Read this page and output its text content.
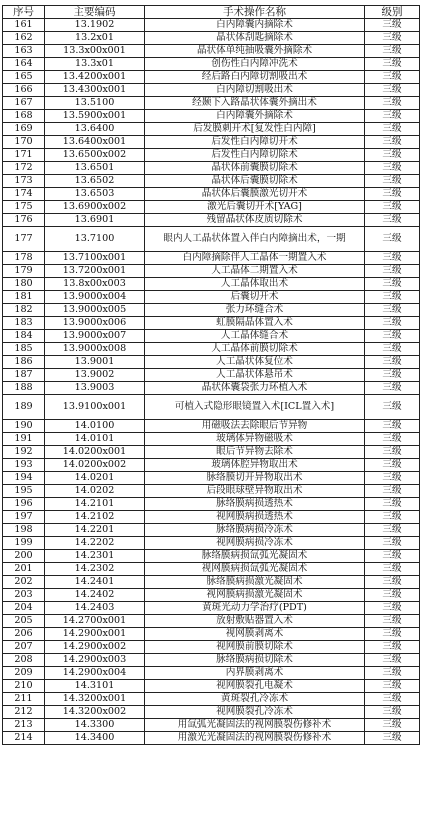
序号	主要编码	手术操作名称	级别
161	13.1902	白内障囊内摘除术	三级
162	13.2x01	晶状体刮匙摘除术	三级
163	13.3x00x001	晶状体单纯抽吸囊外摘除术	三级
164	13.3x01	创伤性白内障冲洗术	三级
165	13.4200x001	经后路白内障切割吸出术	三级
166	13.4300x001	白内障切割吸出术	三级
167	13.5100	经颞下入路晶状体囊外摘出术	三级
168	13.5900x001	白内障囊外摘除术	三级
169	13.6400	后发膜刺开术[复发性白内障]	三级
170	13.6400x001	后发性白内障切开术	三级
171	13.6500x002	后发性白内障切除术	三级
172	13.6501	晶状体前囊膜切除术	三级
173	13.6502	晶状体后囊膜切除术	三级
174	13.6503	晶状体后囊膜激光切开术	三级
175	13.6900x002	激光后囊切开术[YAG]	三级
176	13.6901	残留晶状体皮质切除术	三级
177	13.7100	眼内人工晶状体置入伴白内障摘出术，一期	三级
178	13.7100x001	白内障摘除伴人工晶体一期置入术	三级
179	13.7200x001	人工晶体二期置入术	三级
180	13.8x00x003	人工晶体取出术	三级
181	13.9000x004	后囊切开术	三级
182	13.9000x005	张力环缝合术	三级
183	13.9000x006	虹膜隔晶体置入术	三级
184	13.9000x007	人工晶体缝合术	三级
185	13.9000x008	人工晶体前膜切除术	三级
186	13.9001	人工晶状体复位术	三级
187	13.9002	人工晶状体悬吊术	三级
188	13.9003	晶状体囊袋张力环植入术	三级
189	13.9100x001	可植入式隐形眼镜置入术[ICL置入术]	三级
190	14.0100	用磁吸法去除眼后节异物	三级
191	14.0101	玻璃体异物磁吸术	三级
192	14.0200x001	眼后节异物去除术	三级
193	14.0200x002	玻璃体腔异物取出术	三级
194	14.0201	脉络膜切开异物取出术	三级
195	14.0202	后段眼球壁异物取出术	三级
196	14.2101	脉络膜病损透热术	三级
197	14.2102	视网膜病损透热术	三级
198	14.2201	脉络膜病损冷冻术	三级
199	14.2202	视网膜病损冷冻术	三级
200	14.2301	脉络膜病损氙弧光凝固术	三级
201	14.2302	视网膜病损氙弧光凝固术	三级
202	14.2401	脉络膜病损激光凝固术	三级
203	14.2402	视网膜病损激光凝固术	三级
204	14.2403	黄斑光动力学治疗(PDT)	三级
205	14.2700x001	放射敷贴器置入术	三级
206	14.2900x001	视网膜剥离术	三级
207	14.2900x002	视网膜前膜切除术	三级
208	14.2900x003	脉络膜病损切除术	三级
209	14.2900x004	内界膜剥离术	三级
210	14.3101	视网膜裂孔电凝术	三级
211	14.3200x001	黄斑裂孔冷冻术	三级
212	14.3200x002	视网膜裂孔冷冻术	三级
213	14.3300	用氙弧光凝固法的视网膜裂伤修补术	三级
214	14.3400	用激光光凝固法的视网膜裂伤修补术	三级
